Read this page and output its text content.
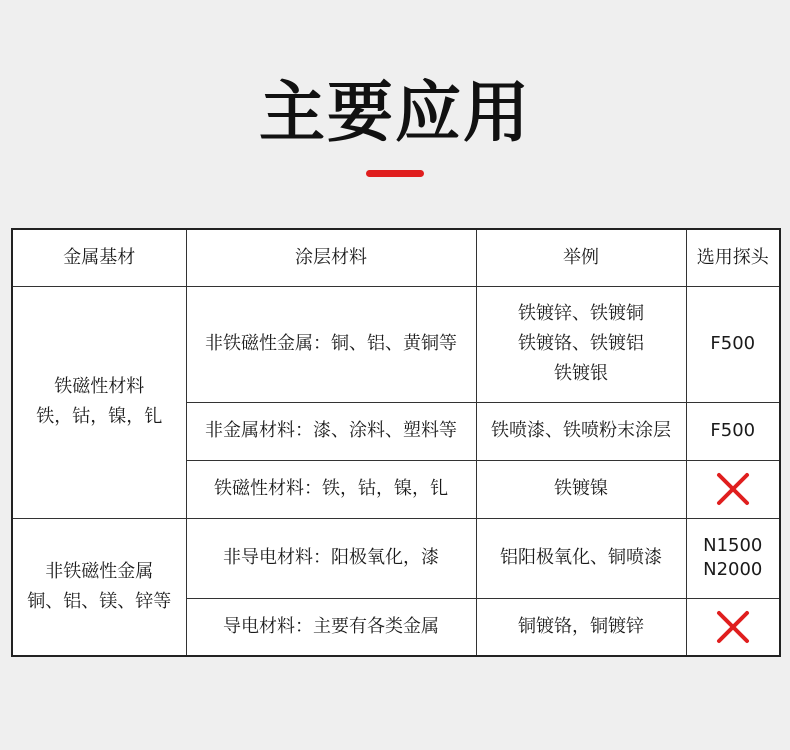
主要应用
金属基材	涂层材料	举例	选用探头

铁磁性材料
铁，钴，镍，钆	非铁磁性金属：铜、铝、黄铜等	铁镀锌、铁镀铜
铁镀铬、铁镀铝
铁镀银	F500

	非金属材料：漆、涂料、塑料等	铁喷漆、铁喷粉末涂层	F500

	铁磁性材料：铁，钴，镍，钆	铁镀镍

非铁磁性金属
铜、铝、镁、锌等	非导电材料：阳极氧化，漆	铝阳极氧化、铜喷漆	N1500
N2000

	导电材料：主要有各类金属	铜镀铬，铜镀锌
